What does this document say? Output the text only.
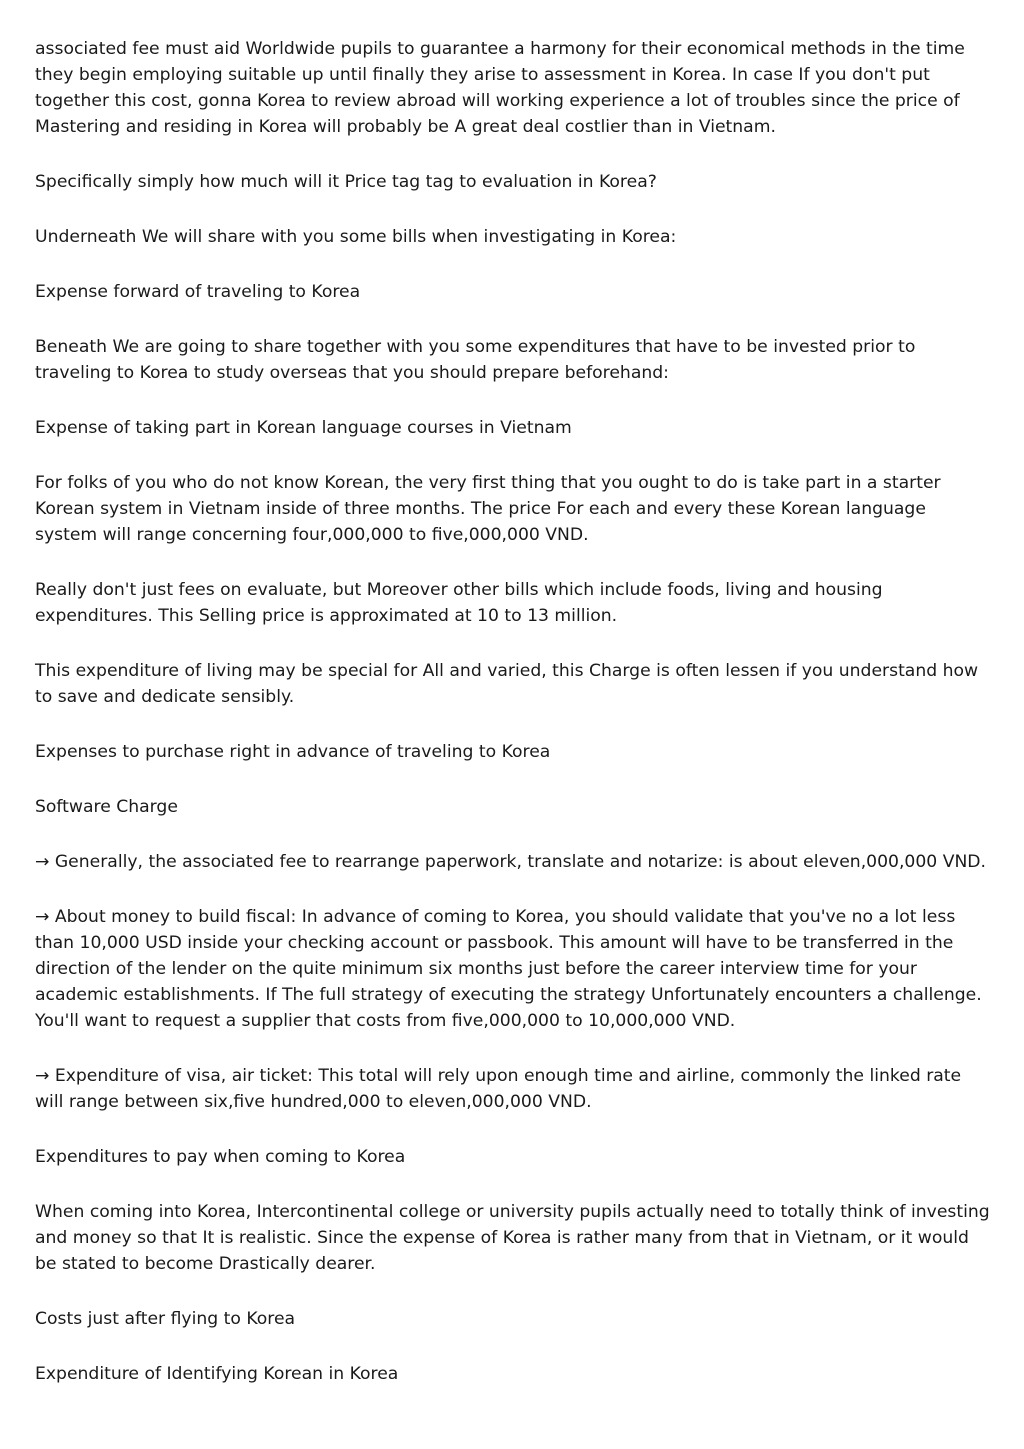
associated fee must aid Worldwide pupils to guarantee a harmony for their economical methods in the time they begin employing suitable up until finally they arise to assessment in Korea. In case If you don't put together this cost, gonna Korea to review abroad will working experience a lot of troubles since the price of Mastering and residing in Korea will probably be A great deal costlier than in Vietnam.

Specifically simply how much will it Price tag tag to evaluation in Korea?

Underneath We will share with you some bills when investigating in Korea:

Expense forward of traveling to Korea

Beneath We are going to share together with you some expenditures that have to be invested prior to traveling to Korea to study overseas that you should prepare beforehand:

Expense of taking part in Korean language courses in Vietnam

For folks of you who do not know Korean, the very first thing that you ought to do is take part in a starter Korean system in Vietnam inside of three months. The price For each and every these Korean language system will range concerning four,000,000 to five,000,000 VND.

Really don't just fees on evaluate, but Moreover other bills which include foods, living and housing expenditures. This Selling price is approximated at 10 to 13 million.

This expenditure of living may be special for All and varied, this Charge is often lessen if you understand how to save and dedicate sensibly.

Expenses to purchase right in advance of traveling to Korea

Software Charge

→ Generally, the associated fee to rearrange paperwork, translate and notarize: is about eleven,000,000 VND.

→ About money to build fiscal: In advance of coming to Korea, you should validate that you've no a lot less than 10,000 USD inside your checking account or passbook. This amount will have to be transferred in the direction of the lender on the quite minimum six months just before the career interview time for your academic establishments. If The full strategy of executing the strategy Unfortunately encounters a challenge. You'll want to request a supplier that costs from five,000,000 to 10,000,000 VND.

→ Expenditure of visa, air ticket: This total will rely upon enough time and airline, commonly the linked rate will range between six,five hundred,000 to eleven,000,000 VND.

Expenditures to pay when coming to Korea

When coming into Korea, Intercontinental college or university pupils actually need to totally think of investing and money so that It is realistic. Since the expense of Korea is rather many from that in Vietnam, or it would be stated to become Drastically dearer.

Costs just after flying to Korea

Expenditure of Identifying Korean in Korea
